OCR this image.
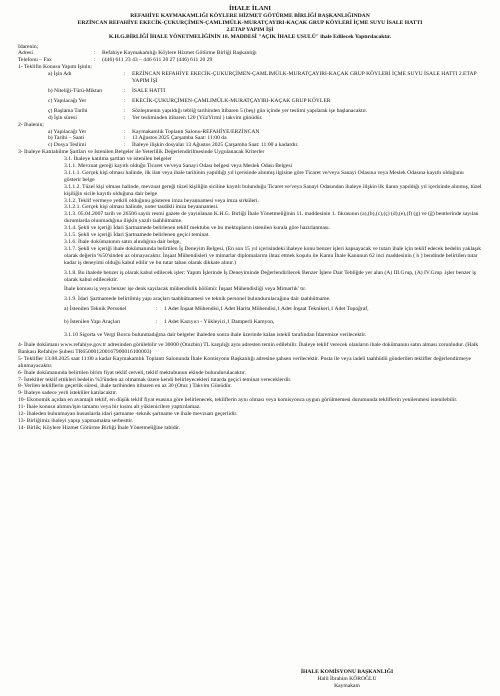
İHALE İLANI
REFAHİYE KAYMAKAMLIĞI KÖYLERE HİZMET GÖTÜRME BİRLİĞİ BAŞKANLIĞINDAN
ERZİNCAN REFAHİYE EKECİK-ÇUKURÇİMEN-ÇAMLIMÜLK-MURATÇAYIRI-KAÇAK GRUP KÖYLERİ İÇME SUYU İSALE HATTI
2.ETAP YAPIM İŞİ
K.H.G.BİRLİĞİ İHALE YÖNETMELİĞİNİN 18. MADDESİ "AÇIK İHALE USULÜ" ihale Edilecek Yaptırılacaktır.
İdarenin;
Adresi	:	Refahiye Kaymakamlığı Köylere Hizmet Götürme Birliği Başkanlığı
Telefonu – Fax	:	(446) 611 23 43 – 446 611 20 27 (446) 611 20 29
1- Teklifin Konusu Yapım İşinin;
a) İşin Adı	:	ERZİNCAN REFAHİYE EKECİK-ÇUKURÇİMEN-ÇAMLIMÜLK-MURATÇAYIRI-KAÇAK GRUP KÖYLERİ İÇME SUYU İSALE HATTI 2.ETAP YAPIM İŞİ
b) Niteliği-Türü-Miktarı	:	İSALE HATTI
c) Yapılacağı Yer	:	EKECİK-ÇUKURÇİMEN-ÇAMLIMÜLK-MURATÇAYIRI-KAÇAK GRUP KÖYLER
ç) Başlama Tarihi	:	Sözleşmenin yapıldığı tebliğ tarihinden itibaren 5 (beş) gün içinde yer teslimi yapılarak işe başlanacaktır.
d) İşin süresi	:	Yer tesliminden itibaren 120 (YüzYirmi ) takvim günüdür.
2- İhalenin;
a) Yapılacağı Yer	:	Kaymakamlık Toplantı Salonu-REFAHİYE/ERZİNCAN
b) Tarihi – Saati	:	13 Ağustos 2025 Çarşamba Saat: 11:00 da
c) Dosya Teslimi	:	İhaleye ilişkin dosyalar 13 Ağustos 2025 Çarşamba Saat: 11:00 a kadardır.
3- İhaleye Katılabilme Şartları ve İstenilen Belgeler ile Yeterlilik Değerlendirilmesinde Uygulanacak Kriterler
3.1. İhaleye katılma şartları ve istenilen belgeler
3.1.1. Mevzuat gereği kayıtlı olduğu Ticaret ve/veya Sanayi Odası belgesi veya Meslek Odası Belgesi
3.1.1.1. Gerçek kişi olması halinde, ilk ilan veya ihale tarihinin yapıldığı yıl içerisinde alınmış ilgisine göre Ticaret ve/veya Sanayi Odasına veya Meslek Odasına kayıtlı olduğunu gösterir belge
3.1.1.2. Tüzel kişi olması halinde, mevzuat gereği tüzel kişiliğin siciline kayıtlı bulunduğu Ticaret ve/veya Sanayi Odasından ihaleye ilişkin ilk ilanın yapıldığı yıl içerisinde alınmış, tüzel kişiliğin sicile kayıtlı olduğuna dair belge
3.1.2. Teklif vermeye yetkili olduğunu gösteren imza beyannamesi veya imza sirküleri.
3.1.2.1. Gerçek kişi olması halinde, noter tasdikli imza beyannamesi.
3.1.3. 05.04.2007 tarih ve 26506 sayılı resmi gazete de yayınlanan K.H.G. Birliği İhale Yönetmeliğinin 11. maddesinin 1. fıkrasının (a),(b),(c),(ç) (d),(e),(f) (g) ve (ğ) bentlerinde sayılan durumlarda olunmadığına ilişkin yazılı taahhütname.
3.1.4. Şekli ve içeriği İdari Şartnamede belirlenen teklif mektubu ve bu mektupların istenilen kurala göre hazırlanması.
3.1.5. Şekli ve içeriği İdari Şartnamede belirlenen geçici teminat.
3.1.6. İhale dokümanının satın alındığına dair belge,
3.1.7. Şekli ve içeriği ihale dokümanında belirtilen İş Deneyim Belgesi, (En son 15 yıl içerisindeki ihaleye konu benzer işleri kapsayacak ve tutarı ihale için teklif edecek bedelin yaklaşık olarak değerin %50'sinden az olmayacaktır. İnşaat Mühendisleri ve mimarlar diplomalarını ihtaz etmek koşulu ile Kamu İhale Kanunun 62 inci maddesinin ( h ) bendinde belirtilen tutar kadar iş deneyimi olduğu kabul edilir ve bu tutar taban olarak dikkate alınır.)
3.1.8. Bu ihalede benzer iş olarak kabul edilecek işler: Yapım İşlerinde İş Deneyiminde Değerlendirilecek Benzer İşlere Dair Tebliğde yer alan (A) III.Grup, (A) IV.Grup .işler benzer iş olarak kabul edilecektir.
İhale konusu iş veya benzer işe denk sayılacak mühendislik bölümü: İnşaat Mühendisliği veya Mimarlık' tır.
3.1.9. İdari Şartnamede belirtilmiş yapı araçları taahhütnamesi ve teknik personel bulundurulacağına dair taahhütname.
a) İstenilen Teknik Personel	:	1 Adet İnşaat Mühendisi,1 Adet Harita Mühendisi,1 Adet İnşaat Teknikeri,1 Adet Topoğraf,
b) İstenilen Yapı Araçları	:	1 Adet Kazıyıcı - Yükleyici,1 Damperli Kamyon,
3.1.10 Sigorta ve Vergi Borcu bulunmadığına dair belgeler ihaleden sonra ihale üzerinde kalan istekli tarafından İdaremize verilecektir.
4- İhale dokümanı www.refahiye.gov.tr adresinden görülebilir ve 30000 (Otuzbin) TL karşılığı aynı adresten temin edilebilir. İhaleye teklif verecek olanların ihale dokümanını satın alması zorunludur. (Halk Bankası Refahiye Şubesi TR650001200167900016100003)
5- Teklifler 13.08.2025 saat 11:00 a kadar Kaymakamlık Toplantı Salonunda İhale Komisyonu Başkanlığı adresine şahsen verilecektir. Posta ile veya iadeli taahhütlü gönderilen teklifler değerlendirmeye alınmayacaktır.
6- İhale dokümanında belirtilen birim fiyat teklif cetveli, teklif mektubunun ekinde bulundurulacaktır.
7- İstekliler teklif ettikleri bedelin %3'ünden az olmamak üzere kendi belirleyecekleri tutarda geçici teminat vereceklerdir.
8- Verilen tekliflerin geçerlik süresi, ihale tarihinden itibaren en az 30 (Otuz ) Takvim Günüdür.
9- İhaleye sadece yerli istekliler katılacaktır.
10- Ekonomik açıdan en avantajlı teklif, en düşük teklif fiyat esasına göre belirlenecek, tekliflerin aynı olması veya komisyonca uygun görülmemesi durumunda tekliflerin yenilenmesi istenilebilir.
11- İhale konusu alımın/işin tamamı veya bir kısmı alt yüklenicilere yaptırılamaz.
12- İhaleden bulunmayan hususlarda idari şartname -teknik şartname ve ihale mevzuatı geçerlidir.
13- Birliğimiz ihaleyi yapıp yapmamakta serbesttir.
14- Birlik; Köylere Hizmet Götürme Birliği İhale Yönetmeliğine tabidir.
İHALE KOMİSYONU BAŞKANLIĞI
Halil İbrahim KÖROĞLU
Kaymakam
